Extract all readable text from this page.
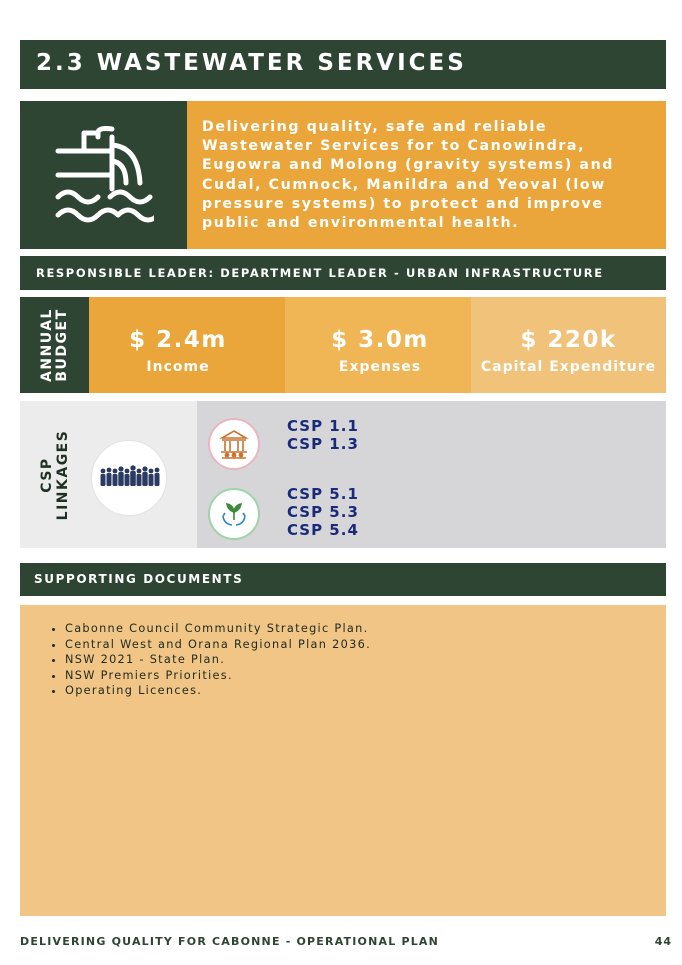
2.3 WASTEWATER SERVICES
Delivering quality, safe and reliable Wastewater Services for to Canowindra, Eugowra and Molong (gravity systems) and Cudal, Cumnock, Manildra and Yeoval (low pressure systems) to protect and improve public and environmental health.
RESPONSIBLE LEADER: DEPARTMENT LEADER - URBAN INFRASTRUCTURE
ANNUAL BUDGET	$ 2.4m
Income
$ 3.0m
Expenses
$ 220k
Capital Expenditure
CSP LINKAGES
CSP 1.1
CSP 1.3
CSP 5.1
CSP 5.3
CSP 5.4
SUPPORTING DOCUMENTS
• Cabonne Council Community Strategic Plan.
• Central West and Orana Regional Plan 2036.
• NSW 2021 - State Plan.
• NSW Premiers Priorities.
• Operating Licences.
DELIVERING QUALITY FOR CABONNE - OPERATIONAL PLAN	44
